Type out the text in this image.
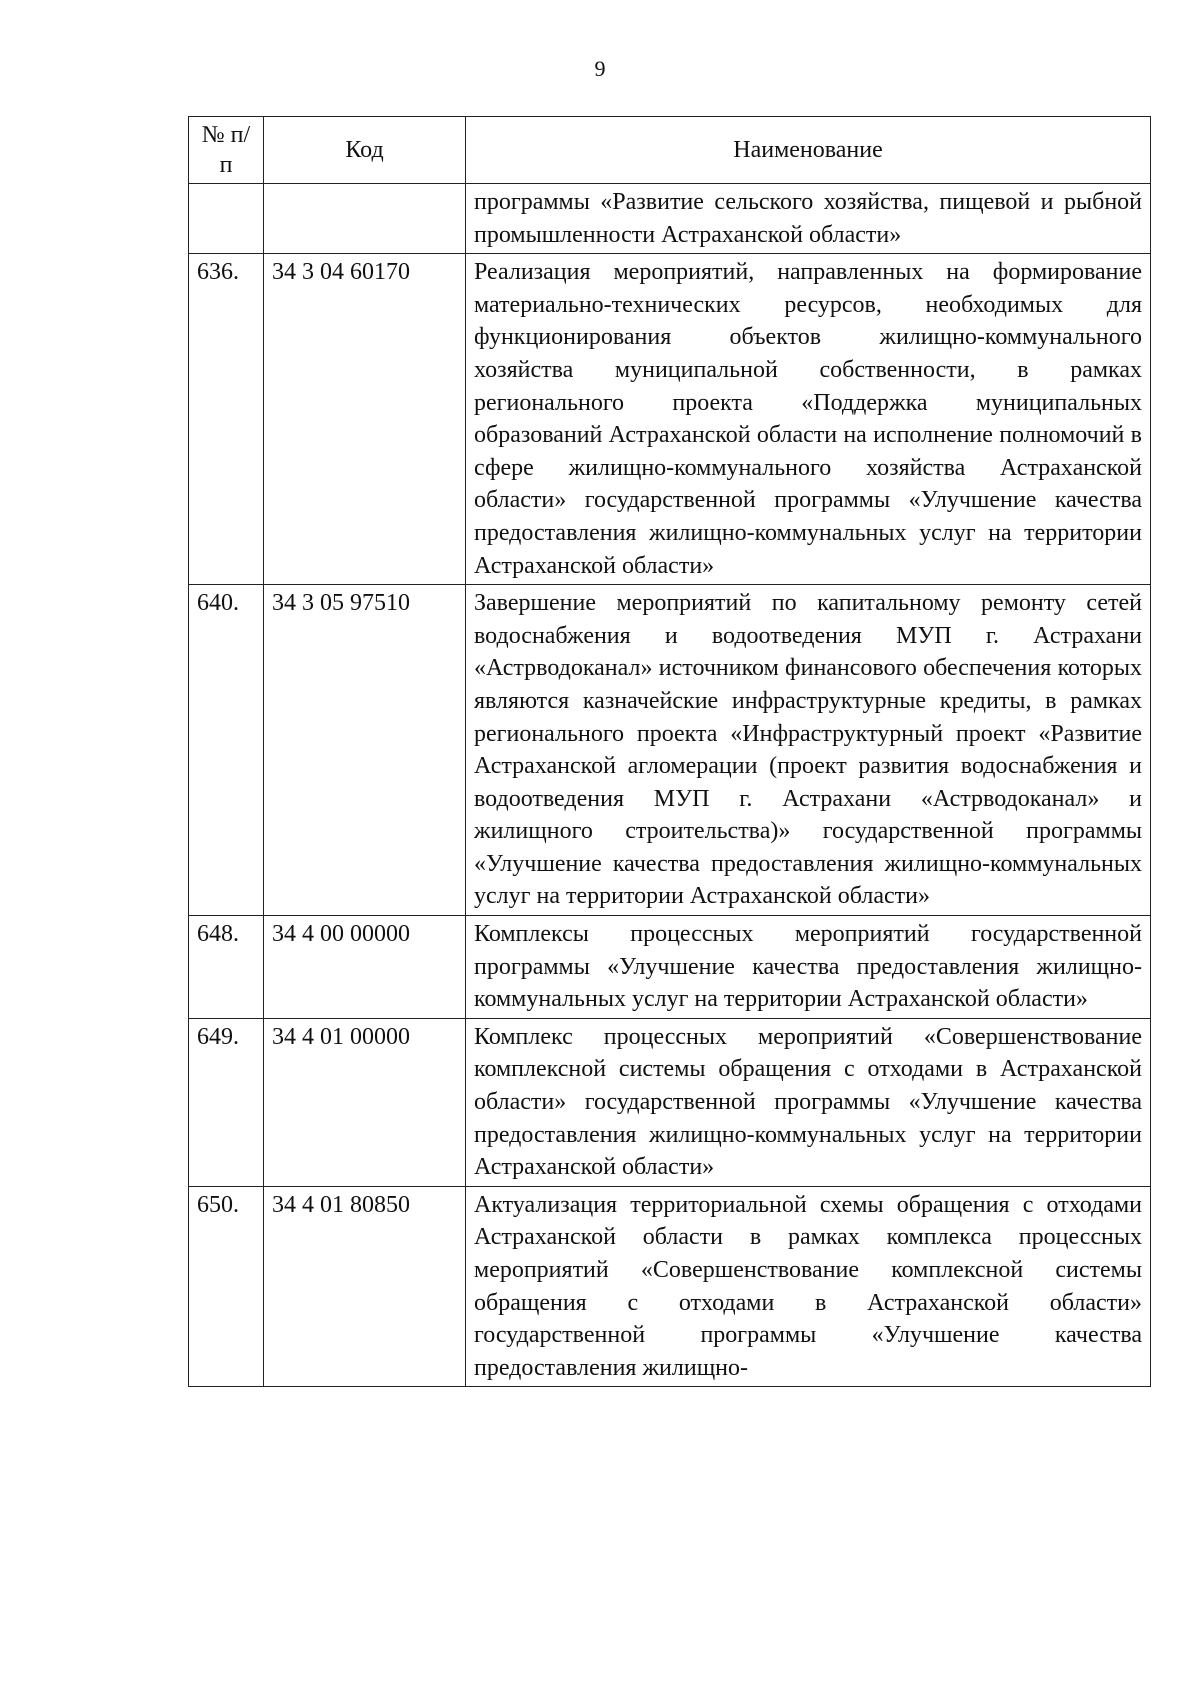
9
№ п/п	Код	Наименование
		программы «Развитие сельского хозяйства, пищевой и рыбной промышленности Астраханской области»
636.	34 3 04 60170	Реализация мероприятий, направленных на формирование материально-технических ресурсов, необходимых для функционирования объектов жилищно-коммунального хозяйства муниципальной собственности, в рамках регионального проекта «Поддержка муниципальных образований Астраханской области на исполнение полномочий в сфере жилищно-коммунального хозяйства Астраханской области» государственной программы «Улучшение качества предоставления жилищно-коммунальных услуг на территории Астраханской области»
640.	34 3 05 97510	Завершение мероприятий по капитальному ремонту сетей водоснабжения и водоотведения МУП г. Астрахани «Астрводоканал» источником финансового обеспечения которых являются казначейские инфраструктурные кредиты, в рамках регионального проекта «Инфраструктурный проект «Развитие Астраханской агломерации (проект развития водоснабжения и водоотведения МУП г. Астрахани «Астрводоканал» и жилищного строительства)» государственной программы «Улучшение качества предоставления жилищно-коммунальных услуг на территории Астраханской области»
648.	34 4 00 00000	Комплексы процессных мероприятий государственной программы «Улучшение качества предоставления жилищно-коммунальных услуг на территории Астраханской области»
649.	34 4 01 00000	Комплекс процессных мероприятий «Совершенствование комплексной системы обращения с отходами в Астраханской области» государственной программы «Улучшение качества предоставления жилищно-коммунальных услуг на территории Астраханской области»
650.	34 4 01 80850	Актуализация территориальной схемы обращения с отходами Астраханской области в рамках комплекса процессных мероприятий «Совершенствование комплексной системы обращения с отходами в Астраханской области» государственной программы «Улучшение качества предоставления жилищно-
